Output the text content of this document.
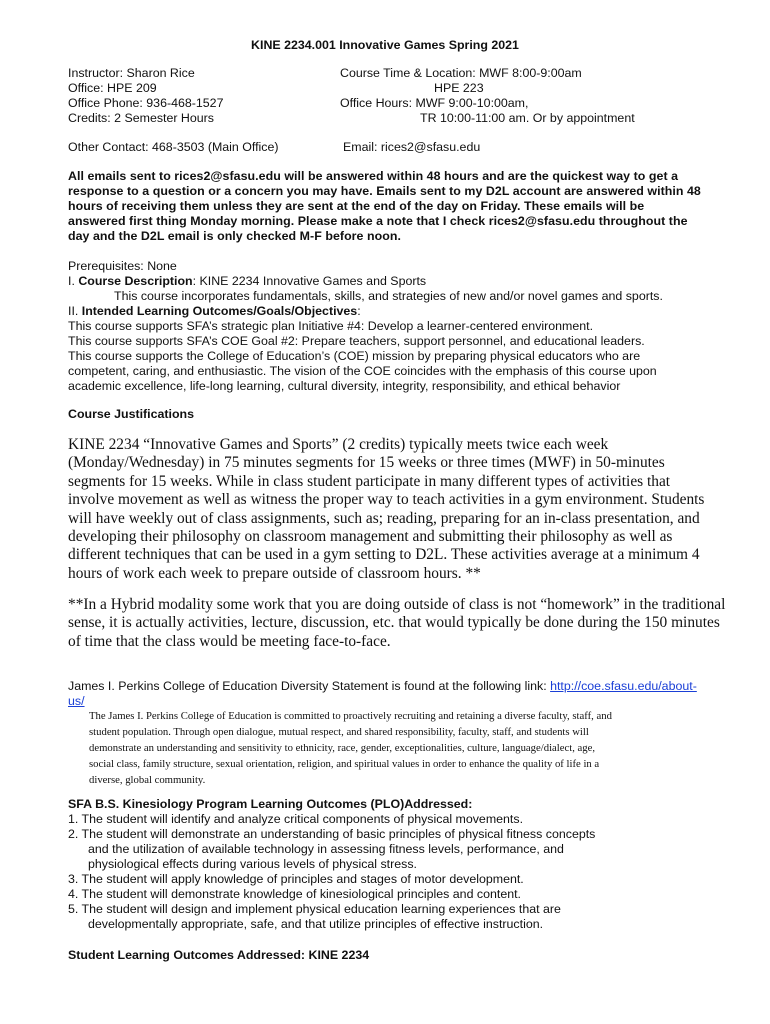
KINE 2234.001 Innovative Games Spring 2021
Instructor: Sharon Rice
Office: HPE 209
Office Phone: 936-468-1527
Credits: 2 Semester Hours
Course Time & Location: MWF 8:00-9:00am
HPE 223
Office Hours: MWF 9:00-10:00am,
TR 10:00-11:00 am. Or by appointment
Other Contact: 468-3503 (Main Office)	Email: rices2@sfasu.edu
All emails sent to rices2@sfasu.edu will be answered within 48 hours and are the quickest way to get a
response to a question or a concern you may have. Emails sent to my D2L account are answered within 48
hours of receiving them unless they are sent at the end of the day on Friday. These emails will be
answered first thing Monday morning. Please make a note that I check rices2@sfasu.edu throughout the
day and the D2L email is only checked M-F before noon.
Prerequisites: None
I. Course Description: KINE 2234 Innovative Games and Sports
This course incorporates fundamentals, skills, and strategies of new and/or novel games and sports.
II. Intended Learning Outcomes/Goals/Objectives:
This course supports SFA’s strategic plan Initiative #4: Develop a learner-centered environment.
This course supports SFA’s COE Goal #2: Prepare teachers, support personnel, and educational leaders.
This course supports the College of Education’s (COE) mission by preparing physical educators who are
competent, caring, and enthusiastic. The vision of the COE coincides with the emphasis of this course upon
academic excellence, life-long learning, cultural diversity, integrity, responsibility, and ethical behavior
Course Justifications
KINE 2234 “Innovative Games and Sports” (2 credits) typically meets twice each week
(Monday/Wednesday) in 75 minutes segments for 15 weeks or three times (MWF) in 50-minutes
segments for 15 weeks. While in class student participate in many different types of activities that
involve movement as well as witness the proper way to teach activities in a gym environment. Students
will have weekly out of class assignments, such as; reading, preparing for an in-class presentation, and
developing their philosophy on classroom management and submitting their philosophy as well as
different techniques that can be used in a gym setting to D2L. These activities average at a minimum 4
hours of work each week to prepare outside of classroom hours. **
**In a Hybrid modality some work that you are doing outside of class is not “homework” in the traditional
sense, it is actually activities, lecture, discussion, etc. that would typically be done during the 150 minutes
of time that the class would be meeting face-to-face.
James I. Perkins College of Education Diversity Statement is found at the following link: http://coe.sfasu.edu/about-
us/
The James I. Perkins College of Education is committed to proactively recruiting and retaining a diverse faculty, staff, and
student population. Through open dialogue, mutual respect, and shared responsibility, faculty, staff, and students will
demonstrate an understanding and sensitivity to ethnicity, race, gender, exceptionalities, culture, language/dialect, age,
social class, family structure, sexual orientation, religion, and spiritual values in order to enhance the quality of life in a
diverse, global community.
SFA B.S. Kinesiology Program Learning Outcomes (PLO)Addressed:
1. The student will identify and analyze critical components of physical movements.
2. The student will demonstrate an understanding of basic principles of physical fitness concepts
and the utilization of available technology in assessing fitness levels, performance, and
physiological effects during various levels of physical stress.
3. The student will apply knowledge of principles and stages of motor development.
4. The student will demonstrate knowledge of kinesiological principles and content.
5. The student will design and implement physical education learning experiences that are
developmentally appropriate, safe, and that utilize principles of effective instruction.
Student Learning Outcomes Addressed: KINE 2234
